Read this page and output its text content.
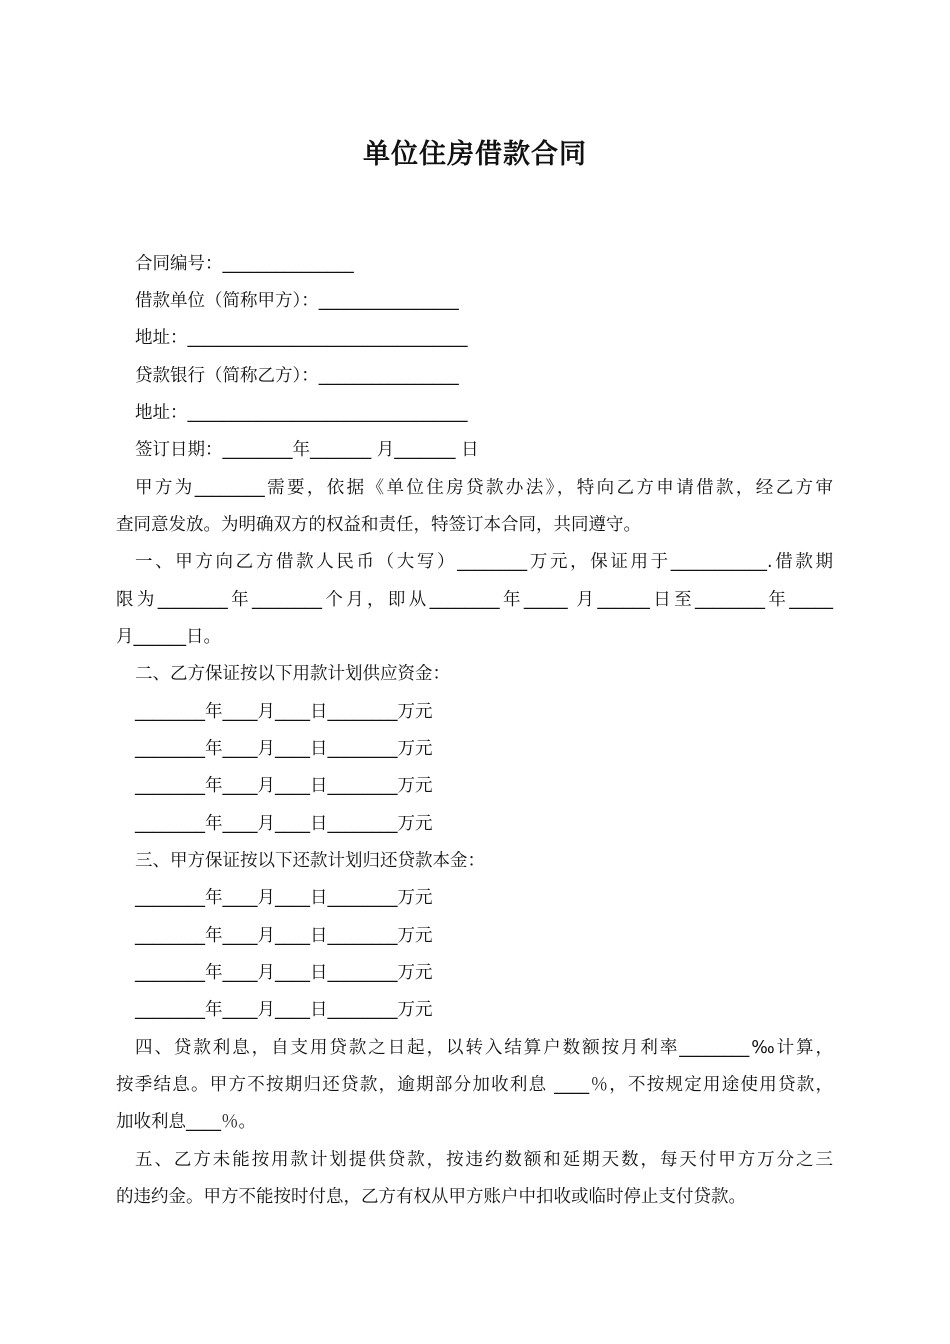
单位住房借款合同
合同编号：_______________
借款单位（简称甲方）：________________
地址：________________________________
贷款银行（简称乙方）：________________
地址：________________________________
签订日期：________年_______ 月_______ 日
甲方为________需要，依据《单位住房贷款办法》，特向乙方申请借款，经乙方审
查同意发放。为明确双方的权益和责任，特签订本合同，共同遵守。
一、甲方向乙方借款人民币（大写）________万元，保证用于___________.借款期
限为________年________个月，即从________年_____ 月______日至________年_____
月______日。
二、乙方保证按以下用款计划供应资金：
________年____月____日________万元
________年____月____日________万元
________年____月____日________万元
________年____月____日________万元
三、甲方保证按以下还款计划归还贷款本金：
________年____月____日________万元
________年____月____日________万元
________年____月____日________万元
________年____月____日________万元
四、贷款利息，自支用贷款之日起，以转入结算户数额按月利率________‰计算，
按季结息。甲方不按期归还贷款，逾期部分加收利息 ____％，不按规定用途使用贷款，
加收利息____％。
五、乙方未能按用款计划提供贷款，按违约数额和延期天数，每天付甲方万分之三
的违约金。甲方不能按时付息，乙方有权从甲方账户中扣收或临时停止支付贷款。
